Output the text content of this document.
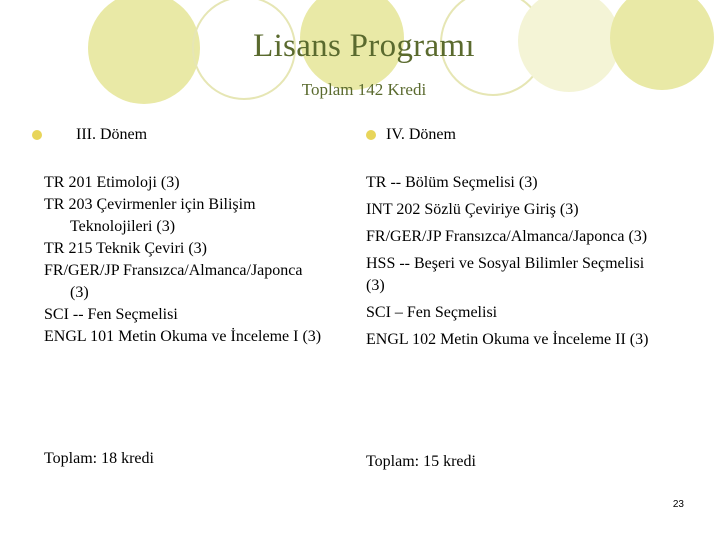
Lisans Programı
Toplam 142 Kredi
III. Dönem
TR 201 Etimoloji (3)
TR 203 Çevirmenler için Bilişim Teknolojileri (3)
TR 215 Teknik Çeviri (3)
FR/GER/JP Fransızca/Almanca/Japonca (3)
SCI -- Fen Seçmelisi
ENGL 101 Metin Okuma ve İnceleme I (3)
Toplam: 18 kredi
IV. Dönem
TR -- Bölüm Seçmelisi (3)
INT 202 Sözlü Çeviriye Giriş (3)
FR/GER/JP Fransızca/Almanca/Japonca (3)
HSS -- Beşeri ve Sosyal Bilimler Seçmelisi (3)
SCI – Fen Seçmelisi
ENGL 102 Metin Okuma ve İnceleme II (3)
Toplam: 15 kredi
23
